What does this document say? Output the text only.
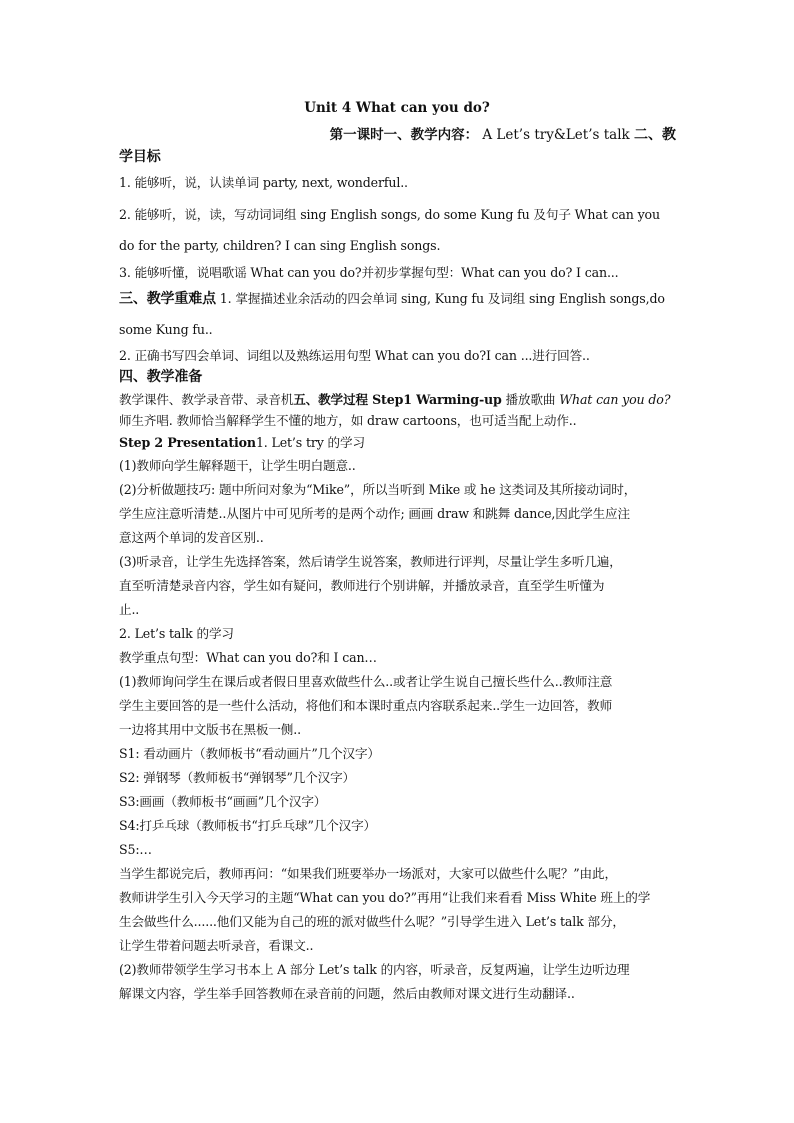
Unit 4 What can you do?
第一课时一、教学内容： A Let’s try&Let’s talk 二、教
学目标
1. 能够听，说，认读单词 party, next, wonderful..
2. 能够听，说，读，写动词词组 sing English songs, do some Kung fu 及句子 What can you
do for the party, children? I can sing English songs.
3. 能够听懂，说唱歌谣 What can you do?并初步掌握句型：What can you do? I can...
三、教学重难点 1. 掌握描述业余活动的四会单词 sing, Kung fu 及词组 sing English songs,do
some Kung fu..
2. 正确书写四会单词、词组以及熟练运用句型 What can you do?I can ...进行回答..
四、教学准备
教学课件、教学录音带、录音机五、教学过程 Step1 Warming-up 播放歌曲 What can you do?
师生齐唱. 教师恰当解释学生不懂的地方，如 draw cartoons，也可适当配上动作..
Step 2 Presentation1. Let’s try 的学习
(1)教师向学生解释题干，让学生明白题意..
(2)分析做题技巧: 题中所问对象为“Mike”，所以当听到 Mike 或 he 这类词及其所接动词时，
学生应注意听清楚..从图片中可见所考的是两个动作; 画画 draw 和跳舞 dance,因此学生应注
意这两个单词的发音区别..
(3)听录音，让学生先选择答案，然后请学生说答案，教师进行评判，尽量让学生多听几遍，
直至听清楚录音内容，学生如有疑问，教师进行个别讲解，并播放录音，直至学生听懂为
止..
2. Let’s talk 的学习
教学重点句型：What can you do?和 I can…
(1)教师询问学生在课后或者假日里喜欢做些什么..或者让学生说自己擅长些什么..教师注意
学生主要回答的是一些什么活动，将他们和本课时重点内容联系起来..学生一边回答，教师
一边将其用中文版书在黑板一侧..
S1: 看动画片（教师板书“看动画片”几个汉字）
S2: 弹钢琴（教师板书“弹钢琴”几个汉字）
S3:画画（教师板书“画画”几个汉字）
S4:打乒乓球（教师板书“打乒乓球”几个汉字）
S5:…
当学生都说完后，教师再问：“如果我们班要举办一场派对，大家可以做些什么呢？”由此，
教师讲学生引入今天学习的主题“What can you do?”再用“让我们来看看 Miss White 班上的学
生会做些什么......他们又能为自己的班的派对做些什么呢？”引导学生进入 Let’s talk 部分，
让学生带着问题去听录音，看课文..
(2)教师带领学生学习书本上 A 部分 Let’s talk 的内容，听录音，反复两遍，让学生边听边理
解课文内容，学生举手回答教师在录音前的问题，然后由教师对课文进行生动翻译..
